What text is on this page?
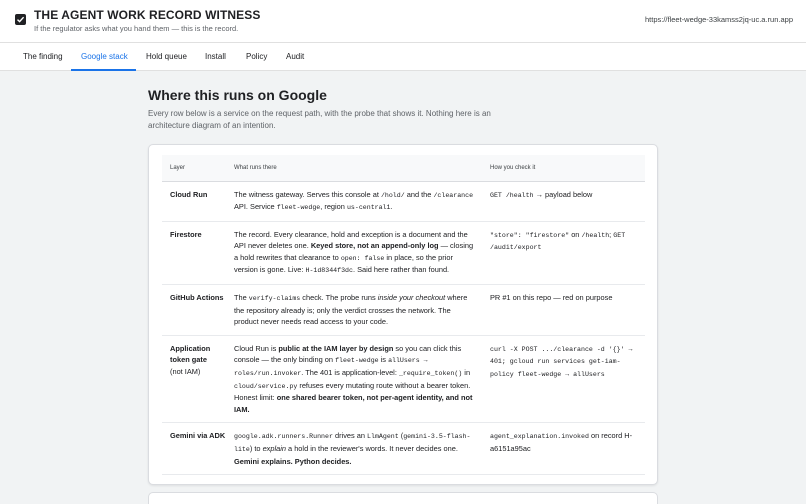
THE AGENT WORK RECORD WITNESS
If the regulator asks what you hand them — this is the record.
https://fleet-wedge-33kamss2jq-uc.a.run.app
The finding Google stack Hold queue Install	Policy Audit
Where this runs on Google

Every row below is a service on the request path, with the probe that shows it. Nothing here is an architecture diagram of an intention.

Layer	What runs there	How you check it
Cloud Run	The witness gateway. Serves this console at /hold/ and the /clearance API. Service fleet-wedge, region us-central1.	GET /health → payload below
Firestore	The record. Every clearance, hold and exception is a document and the API never deletes one. Keyed store, not an append-only log — closing a hold rewrites that clearance to open: false in place, so the prior version is gone. Live: H-1d8344f3dc. Said here rather than found.	"store": "firestore" on /health; GET /audit/export
GitHub Actions	The verify-claims check. The probe runs inside your checkout where the repository already is; only the verdict crosses the network. The product never needs read access to your code.	PR #1 on this repo — red on purpose
Application token gate
(not IAM)	Cloud Run is public at the IAM layer by design so you can click this console — the only binding on fleet-wedge is allUsers → roles/run.invoker. The 401 is application-level: _require_token() in cloud/service.py refuses every mutating route without a bearer token. Honest limit: one shared bearer token, not per-agent identity, and not IAM.	curl -X POST .../clearance -d '{}' → 401; gcloud run services get-iam-policy fleet-wedge → allUsers
Gemini via ADK	google.adk.runners.Runner drives an LlmAgent (gemini-3.5-flash-lite) to explain a hold in the reviewer's words. It never decides one. Gemini explains. Python decides.	agent_explanation.invoked on record H-a6151a95ac
